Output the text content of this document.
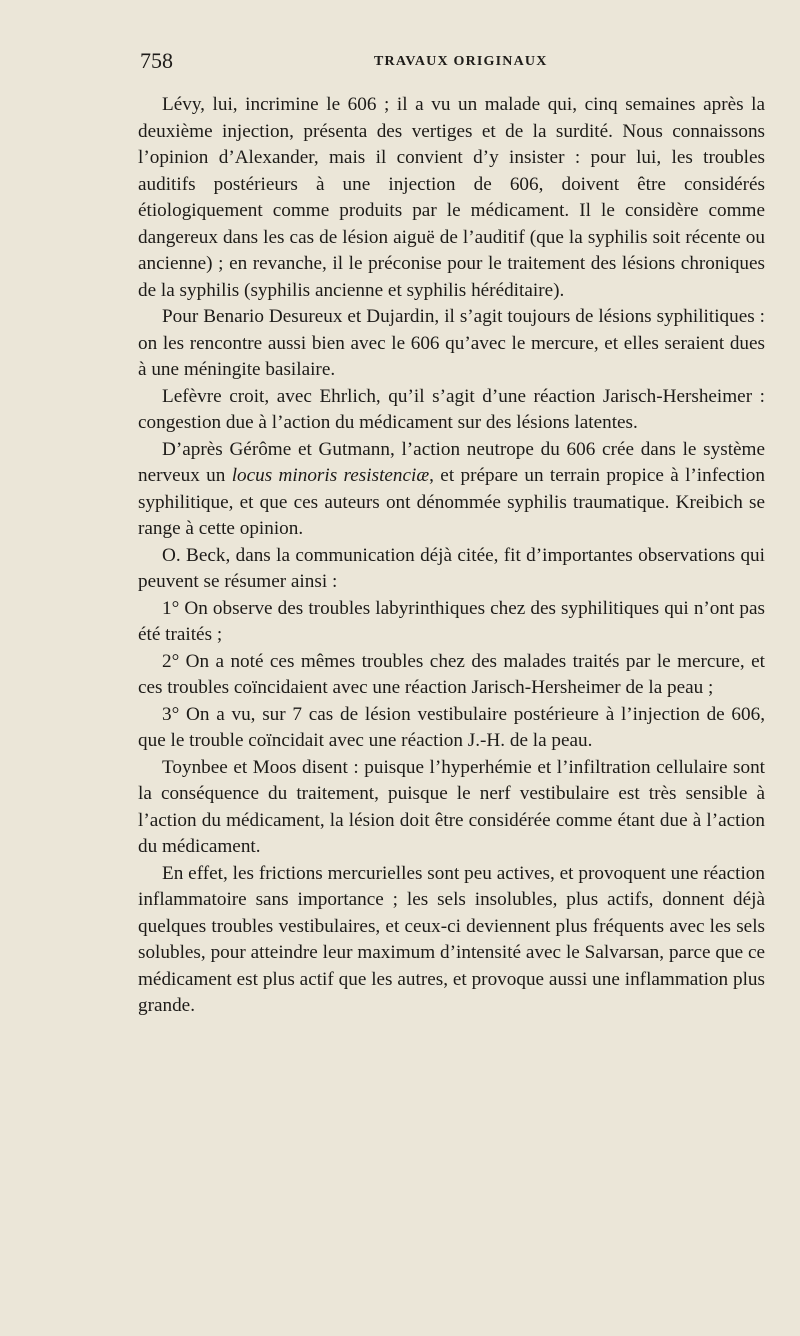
758	TRAVAUX ORIGINAUX

Lévy, lui, incrimine le 606 ; il a vu un malade qui, cinq semaines après la deuxième injection, présenta des vertiges et de la surdité. Nous connaissons l’opinion d’Alexander, mais il convient d’y insister : pour lui, les troubles auditifs postérieurs à une injection de 606, doivent être considérés étiologiquement comme produits par le médicament. Il le considère comme dangereux dans les cas de lésion aiguë de l’auditif (que la syphilis soit récente ou ancienne) ; en revanche, il le préconise pour le traitement des lésions chroniques de la syphilis (syphilis ancienne et syphilis héréditaire).

Pour Benario Desureux et Dujardin, il s’agit toujours de lésions syphilitiques : on les rencontre aussi bien avec le 606 qu’avec le mercure, et elles seraient dues à une méningite basilaire.

Lefèvre croit, avec Ehrlich, qu’il s’agit d’une réaction Jarisch-Hersheimer : congestion due à l’action du médicament sur des lésions latentes.

D’après Gérôme et Gutmann, l’action neutrope du 606 crée dans le système nerveux un locus minoris resistenciæ, et prépare un terrain propice à l’infection syphilitique, et que ces auteurs ont dénommée syphilis traumatique. Kreibich se range à cette opinion.

O. Beck, dans la communication déjà citée, fit d’importantes observations qui peuvent se résumer ainsi :

1° On observe des troubles labyrinthiques chez des syphilitiques qui n’ont pas été traités ;

2° On a noté ces mêmes troubles chez des malades traités par le mercure, et ces troubles coïncidaient avec une réaction Jarisch-Hersheimer de la peau ;

3° On a vu, sur 7 cas de lésion vestibulaire postérieure à l’injection de 606, que le trouble coïncidait avec une réaction J.-H. de la peau.

Toynbee et Moos disent : puisque l’hyperhémie et l’infiltration cellulaire sont la conséquence du traitement, puisque le nerf vestibulaire est très sensible à l’action du médicament, la lésion doit être considérée comme étant due à l’action du médicament.

En effet, les frictions mercurielles sont peu actives, et provoquent une réaction inflammatoire sans importance ; les sels insolubles, plus actifs, donnent déjà quelques troubles vestibulaires, et ceux-ci deviennent plus fréquents avec les sels solubles, pour atteindre leur maximum d’intensité avec le Salvarsan, parce que ce médicament est plus actif que les autres, et provoque aussi une inflammation plus grande.
